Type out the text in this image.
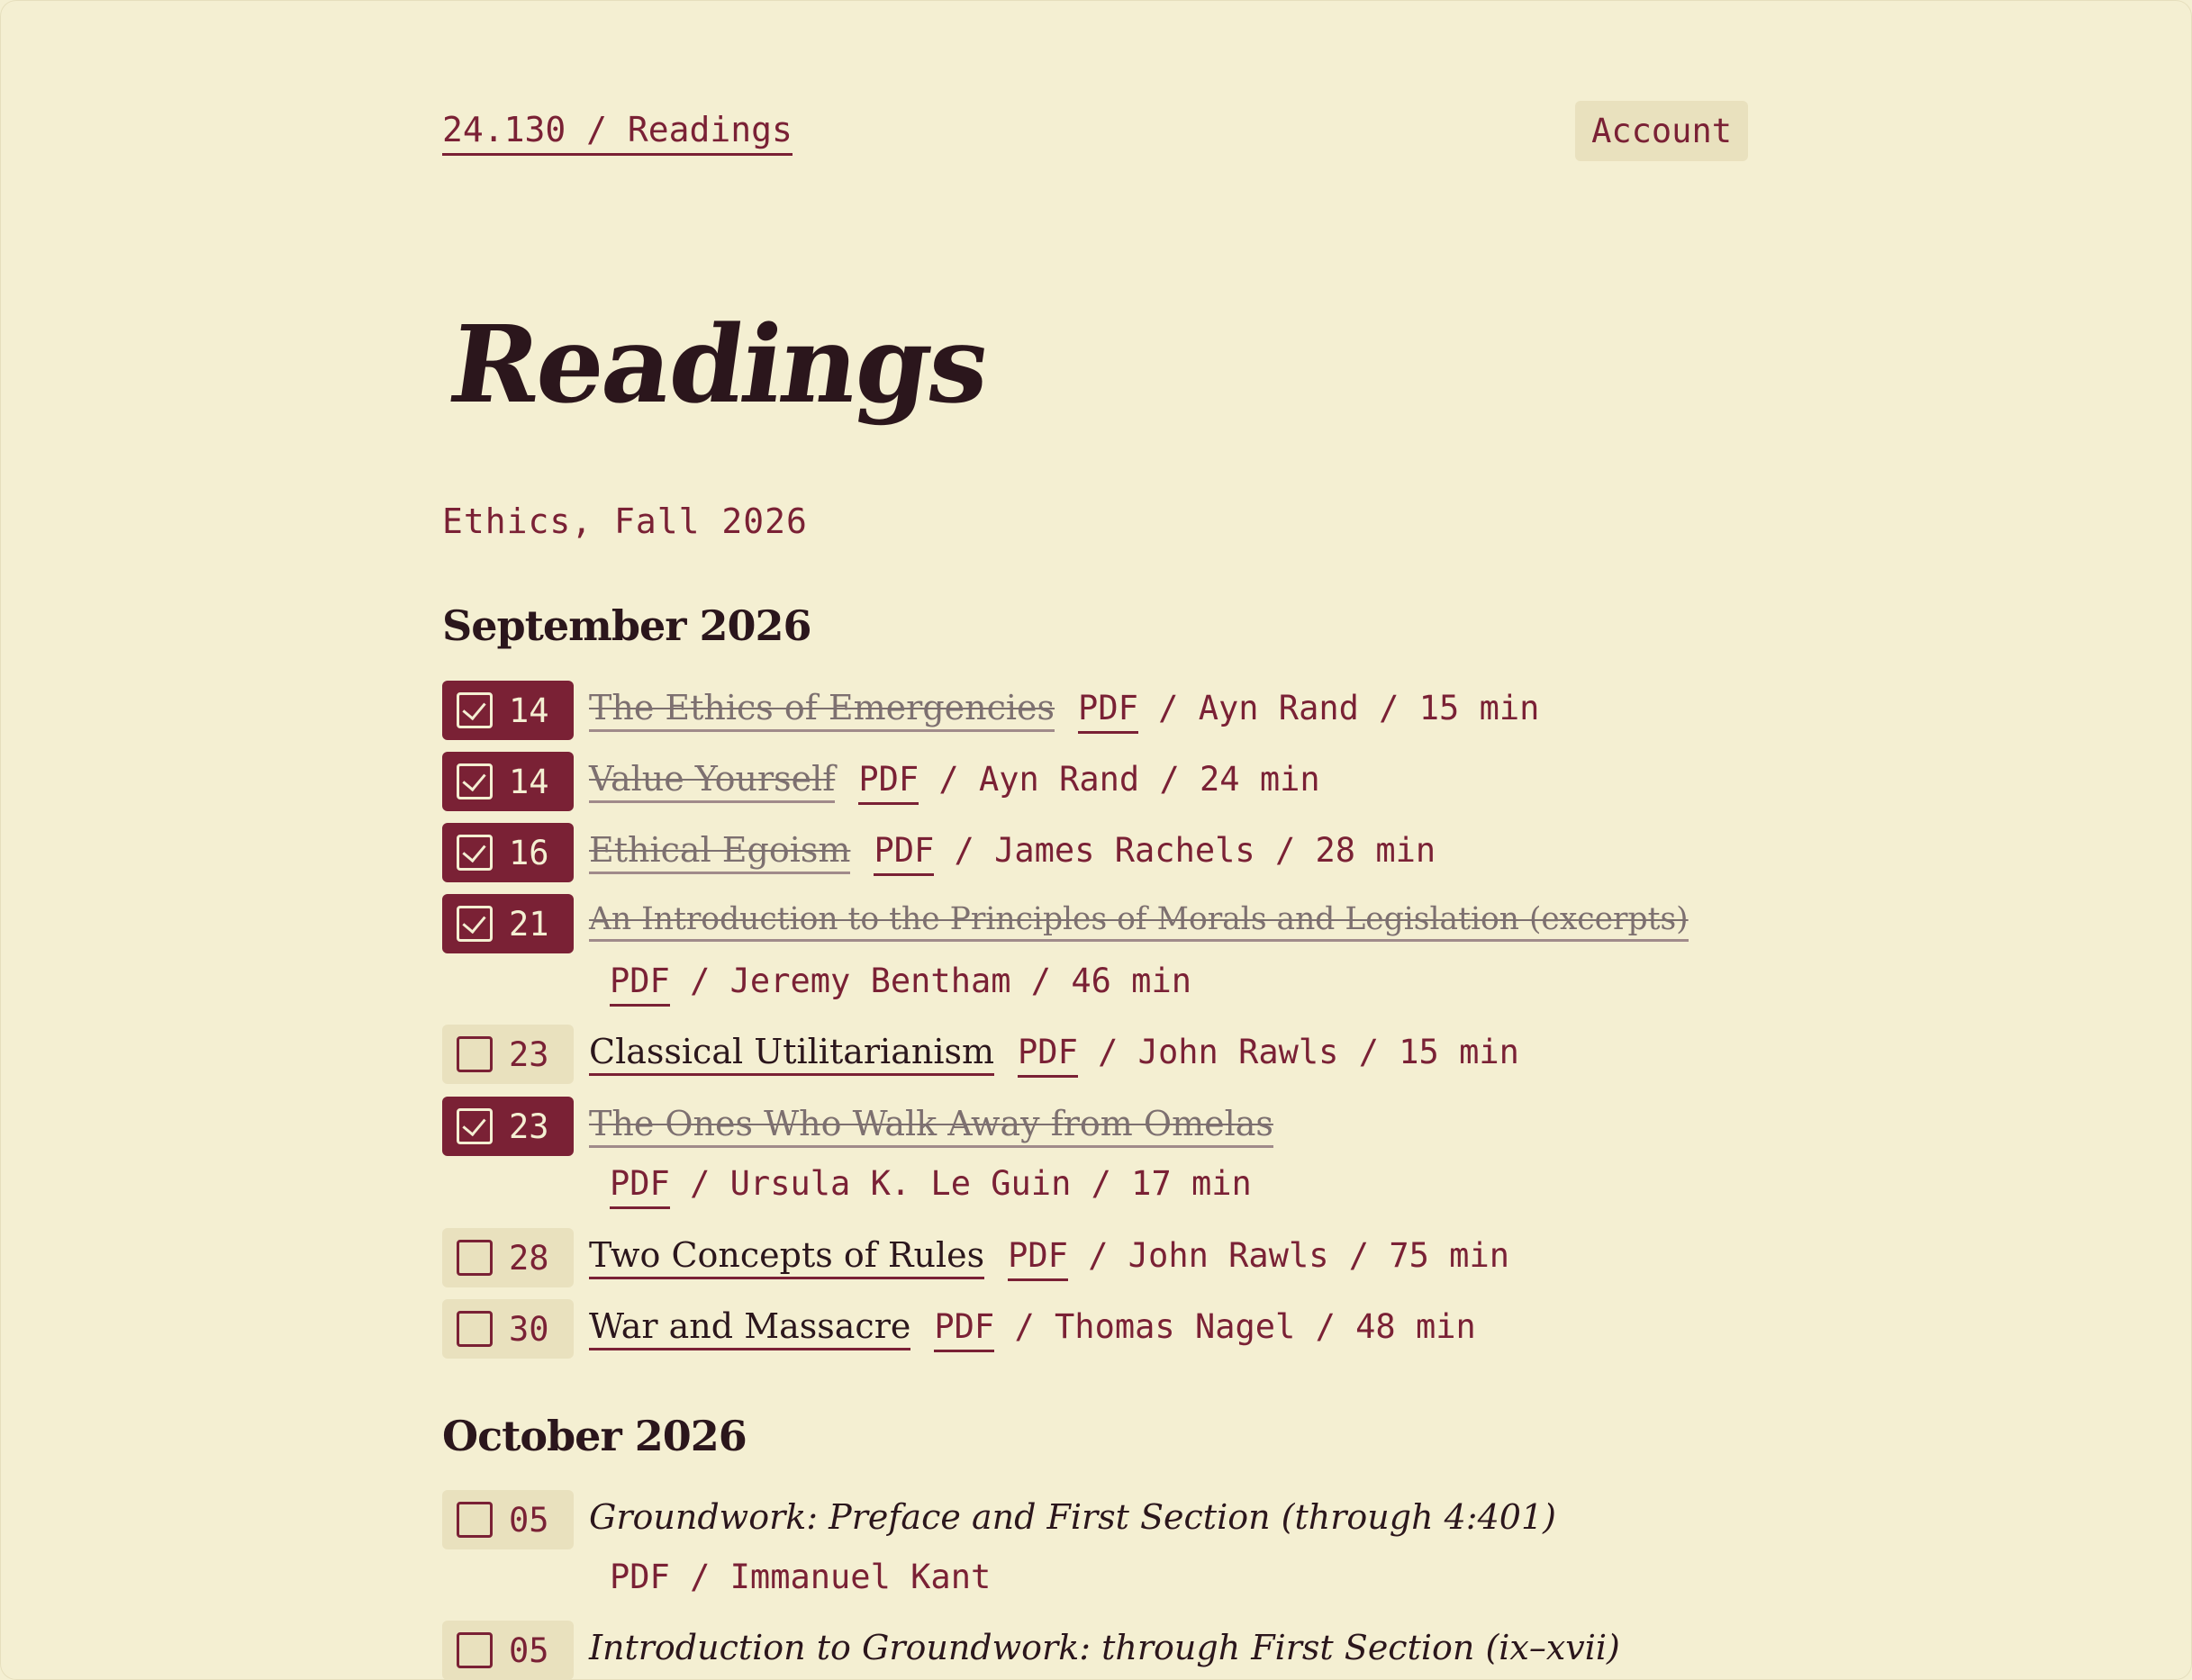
24.130 / Readings	Account
Readings

Ethics, Fall 2026

September 2026
14 The Ethics of Emergencies PDF / Ayn Rand / 15 min
14 Value Yourself PDF / Ayn Rand / 24 min
16 Ethical Egoism PDF / James Rachels / 28 min
21 An Introduction to the Principles of Morals and Legislation (excerpts)
PDF / Jeremy Bentham / 46 min
23 Classical Utilitarianism PDF / John Rawls / 15 min
23 The Ones Who Walk Away from Omelas
PDF / Ursula K. Le Guin / 17 min
28 Two Concepts of Rules PDF / John Rawls / 75 min
30 War and Massacre PDF / Thomas Nagel / 48 min
October 2026
05 Groundwork: Preface and First Section (through 4:401)
PDF / Immanuel Kant
05 Introduction to Groundwork: through First Section (ix–xvii)
